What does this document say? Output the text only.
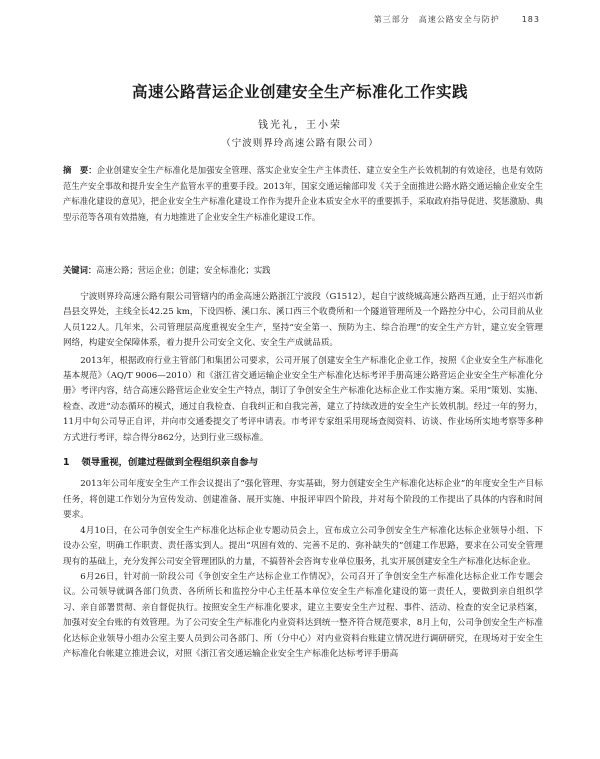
第三部分　高速公路安全与防护	183
高速公路营运企业创建安全生产标准化工作实践
钱光礼，王小荣
（宁波则界玲高速公路有限公司）
摘　要：企业创建安全生产标准化是加强安全管理、落实企业安全生产主体责任、建立安全生产长效机制的有效途径，也是有效防范生产安全事故和提升安全生产监管水平的重要手段。2013年，国家交通运输部印发《关于全面推进公路水路交通运输企业安全生产标准化建设的意见》，把企业安全生产标准化建设工作作为提升企业本质安全水平的重要抓手，采取政府指导促进、奖惩激励、典型示范等各项有效措施，有力地推进了企业安全生产标准化建设工作。
关键词：高速公路；营运企业；创建；安全标准化；实践

宁波则界玲高速公路有限公司管辖内的甬金高速公路浙江宁波段（G1512），起自宁波绕城高速公路西互通，止于绍兴市新昌县交界处，主线全长42.25 km，下设四桥、溪口东、溪口西三个收费所和一个隧道管理所及一个路控分中心，公司目前从业人员122人。几年来，公司管理层高度重视安全生产，坚持“安全第一、预防为主、综合治理”的安全生产方针，建立安全管理网络，构建安全保障体系，着力提升公司安全文化、安全生产成就品质。

2013年，根据政府行业主管部门和集团公司要求，公司开展了创建安全生产标准化企业工作，按照《企业安全生产标准化基本规范》（AQ/T 9006—2010）和《浙江省交通运输企业安全生产标准化达标考评手册高速公路营运企业安全生产标准化分册》考评内容，结合高速公路营运企业安全生产特点，制订了争创安全生产标准化达标企业工作实施方案。采用“策划、实施、检查、改进”动态循环的模式，通过自我检查、自我纠正和自我完善，建立了持续改进的安全生产长效机制。经过一年的努力，11月中旬公司导正自评，并向市交通委提交了考评申请表。市考评专家组采用现场查阅资料、访谈、作业场所实地考察等多种方式进行考评，综合得分862分，达到行业三级标准。

1 领导重视，创建过程做到全程组织亲自参与

2013年公司年度安全生产工作会议提出了“强化管理、夯实基础，努力创建安全生产标准化达标企业”的年度安全生产目标任务，将创建工作划分为宣传发动、创建准备、展开实施、申报评审四个阶段，并对每个阶段的工作提出了具体的内容和时间要求。

4月10日，在公司争创安全生产标准化达标企业专题动员会上，宣布成立公司争创安全生产标准化达标企业领导小组、下设办公室，明确工作职责、责任落实到人。提出“巩固有效的、完善不足的、弥补缺失的”创建工作思路，要求在公司安全管理现有的基础上，充分发挥公司安全管理团队的力量，不搞替补会咨询专业单位服务，扎实开展创建安全生产标准化达标企业。

6月26日，针对前一阶段公司《争创安全生产达标企业工作情况》，公司召开了争创安全生产标准化达标企业工作专题会议。公司领导就调各部门负责、各所所长和监控分中心主任基本单位安全生产标准化建设的第一责任人，要做到亲自组织学习、亲自部署贯彻、亲自督促执行。按照安全生产标准化要求，建立主要安全生产过程、事件、活动、检查的安全记录档案，加强对安全台账的有效管理。为了公司安全生产标准化内业资料达到统一整齐符合规范要求，8月上旬，公司争创安全生产标准化达标企业领导小组办公室主要人员到公司各部门、所（分中心）对内业资料台账建立情况进行调研研究，在现场对于安全生产标准化台帐建立推进会议，对照《浙江省交通运输企业安全生产标准化达标考评手册高
